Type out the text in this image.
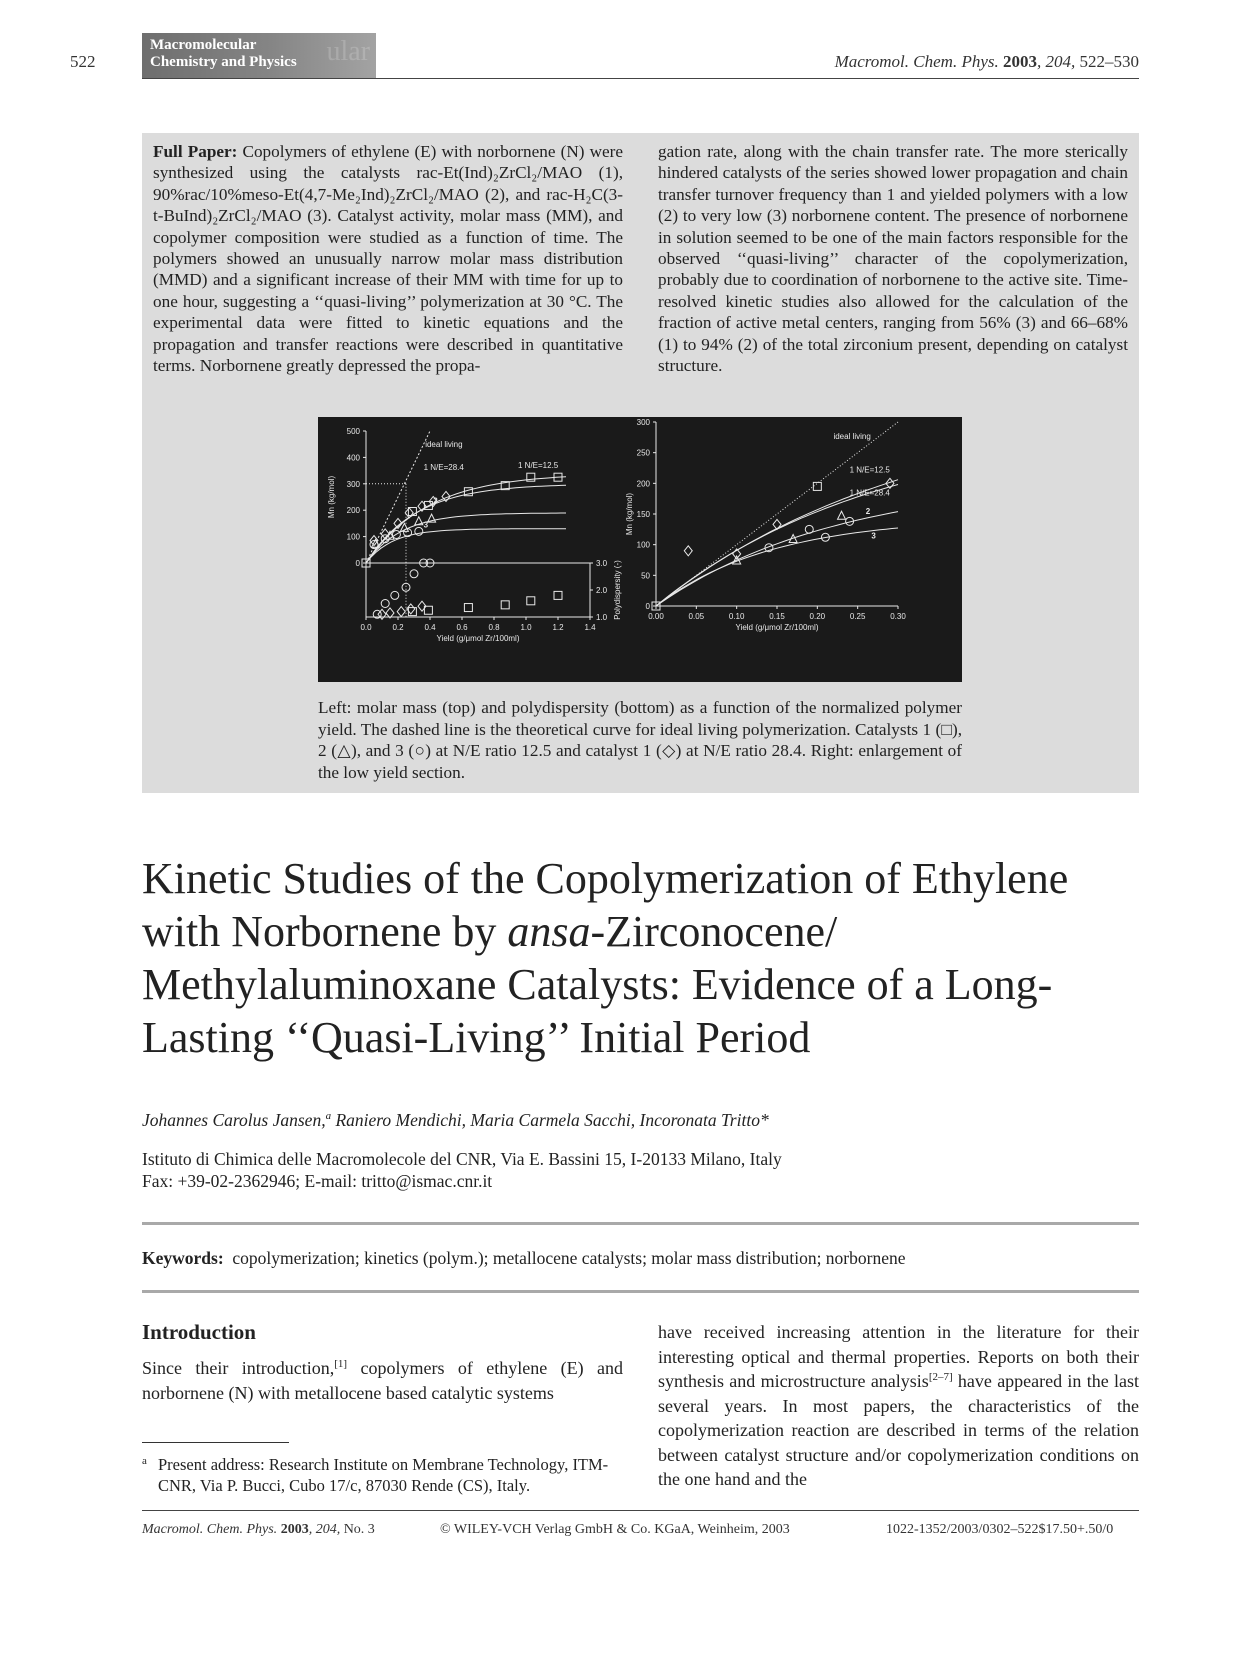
522	ular
Macromolecular
Chemistry and Physics	Macromol. Chem. Phys. 2003, 204, 522–530
Full Paper: Copolymers of ethylene (E) with norbornene (N) were synthesized using the catalysts rac-Et(Ind)₂ZrCl₂/MAO (1), 90%rac/10%meso-Et(4,7-Me₂Ind)₂ZrCl₂/MAO (2), and rac-H₂C(3-t-BuInd)₂ZrCl₂/MAO (3). Catalyst activity, molar mass (MM), and copolymer composition were studied as a function of time. The polymers showed an unusually narrow molar mass distribution (MMD) and a significant increase of their MM with time for up to one hour, suggesting a ‘‘quasi-living’’ polymerization at 30 °C. The experimental data were fitted to kinetic equations and the propagation and transfer reactions were described in quantitative terms. Norbornene greatly depressed the propa-
gation rate, along with the chain transfer rate. The more sterically hindered catalysts of the series showed lower propagation and chain transfer turnover frequency than 1 and yielded polymers with a low (2) to very low (3) norbornene content. The presence of norbornene in solution seemed to be one of the main factors responsible for the observed ‘‘quasi-living’’ character of the copolymerization, probably due to coordination of norbornene to the active site. Time-resolved kinetic studies also allowed for the calculation of the fraction of active metal centers, ranging from 56% (3) and 66–68% (1) to 94% (2) of the total zirconium present, depending on catalyst structure.
0
100
200
300
400
500
0.0	0.2	0.4	0.6	0.8	1.0	1.2	1.4
1.0
2.0
3.0
Yield (g/μmol Zr/100ml)
Mn (kg/mol)
Polydispersity (-)
ideal living
1 N/E=28.4	1 N/E=12.5
2
3
0
50
100
150
200
250
300
0.00	0.05	0.10	0.15	0.20	0.25	0.30
Yield (g/μmol Zr/100ml)
Mn (kg/mol)
ideal living
1 N/E=12.5
1 N/E=28.4
2
3
Left: molar mass (top) and polydispersity (bottom) as a function of the normalized polymer yield. The dashed line is the theoretical curve for ideal living polymerization. Catalysts 1 (□), 2 (△), and 3 (○) at N/E ratio 12.5 and catalyst 1 (◇) at N/E ratio 28.4. Right: enlargement of the low yield section.
Kinetic Studies of the Copolymerization of Ethylene with Norbornene by ansa-Zirconocene/ Methylaluminoxane Catalysts: Evidence of a Long-Lasting ‘‘Quasi-Living’’ Initial Period
Johannes Carolus Jansen,$^a$ Raniero Mendichi, Maria Carmela Sacchi, Incoronata Tritto*
Istituto di Chimica delle Macromolecole del CNR, Via E. Bassini 15, I-20133 Milano, Italy
Fax: +39-02-2362946; E-mail: tritto@ismac.cnr.it
Keywords: copolymerization; kinetics (polym.); metallocene catalysts; molar mass distribution; norbornene
Introduction
Since their introduction,[1] copolymers of ethylene (E) and norbornene (N) with metallocene based catalytic systems
have received increasing attention in the literature for their interesting optical and thermal properties. Reports on both their synthesis and microstructure analysis[2–7] have appeared in the last several years. In most papers, the characteristics of the copolymerization reaction are described in terms of the relation between catalyst structure and/or copolymerization conditions on the one hand and the
a Present address: Research Institute on Membrane Technology, ITM-CNR, Via P. Bucci, Cubo 17/c, 87030 Rende (CS), Italy.
Macromol. Chem. Phys. 2003, 204, No. 3	© WILEY-VCH Verlag GmbH & Co. KGaA, Weinheim, 2003	1022-1352/2003/0302–522$17.50+.50/0
